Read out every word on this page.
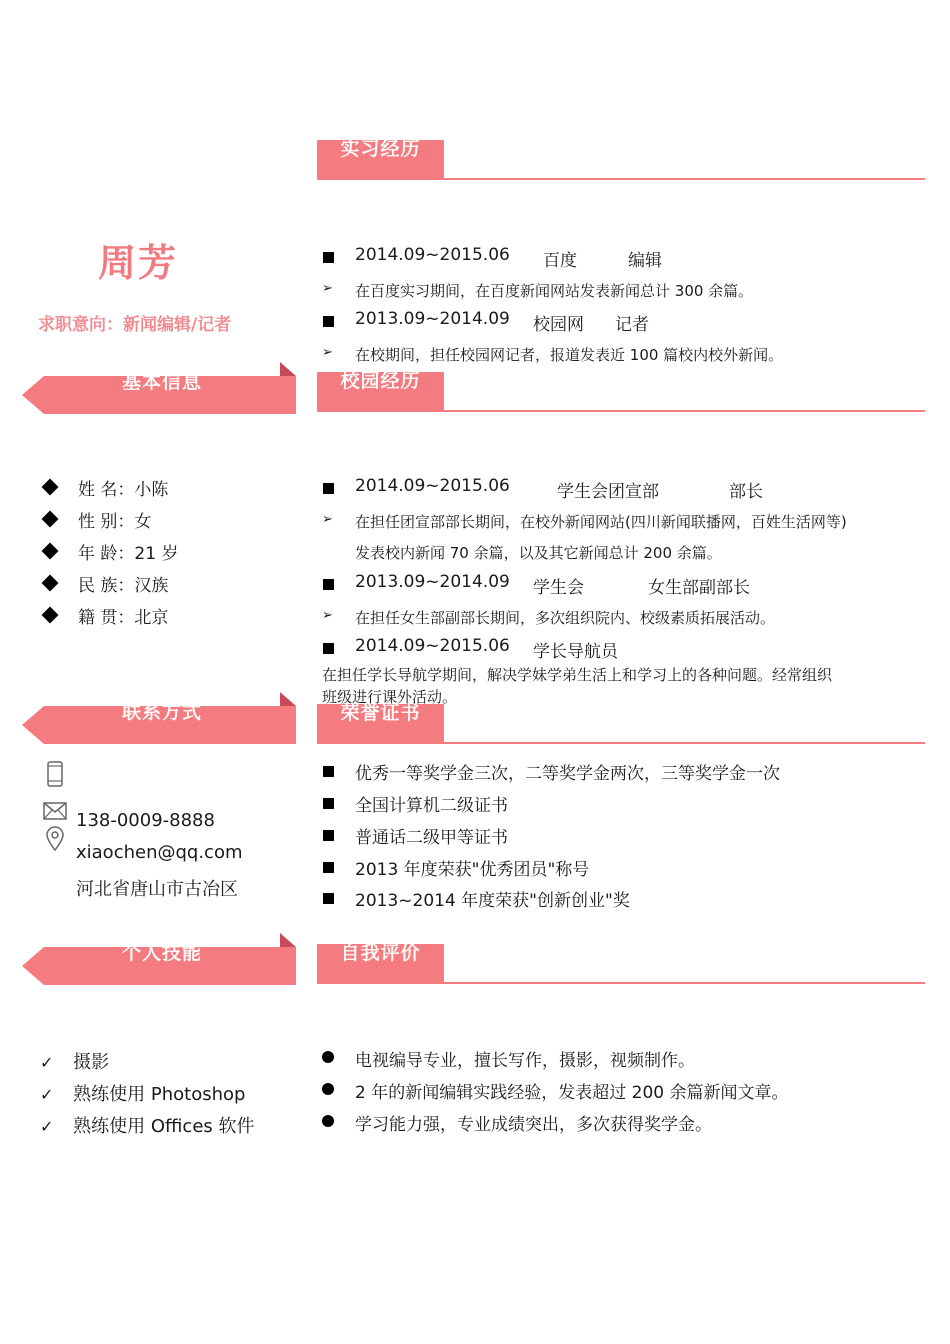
周芳
求职意向：新闻编辑/记者
基本信息
联系方式
个人技能
实习经历
校园经历
荣誉证书
自我评价
姓 名： 小陈
性 别： 女
年 龄： 21 岁
民 族： 汉族
籍 贯： 北京
138-0009-8888
xiaochen@qq.com
河北省唐山市古冶区
✓ 摄影
✓ 熟练使用 Photoshop
✓ 熟练使用 Offices 软件
2014.09~2015.06 百度	编辑
➢ 在百度实习期间，在百度新闻网站发表新闻总计 300 余篇。
2013.09~2014.09 校园网 记者
➢ 在校期间，担任校园网记者，报道发表近 100 篇校内校外新闻。
2014.09~2015.06	学生会团宣部	部长
➢ 在担任团宣部部长期间，在校外新闻网站(四川新闻联播网，百姓生活网等)
发表校内新闻 70 余篇，以及其它新闻总计 200 余篇。
2013.09~2014.09 学生会	女生部副部长
➢ 在担任女生部副部长期间，多次组织院内、校级素质拓展活动。
2014.09~2015.06 学长导航员
在担任学长导航学期间，解决学妹学弟生活上和学习上的各种问题。经常组织
班级进行课外活动。
优秀一等奖学金三次，二等奖学金两次，三等奖学金一次
全国计算机二级证书
普通话二级甲等证书
2013 年度荣获"优秀团员"称号
2013~2014 年度荣获"创新创业"奖
电视编导专业，擅长写作，摄影，视频制作。
2 年的新闻编辑实践经验，发表超过 200 余篇新闻文章。
学习能力强，专业成绩突出，多次获得奖学金。
